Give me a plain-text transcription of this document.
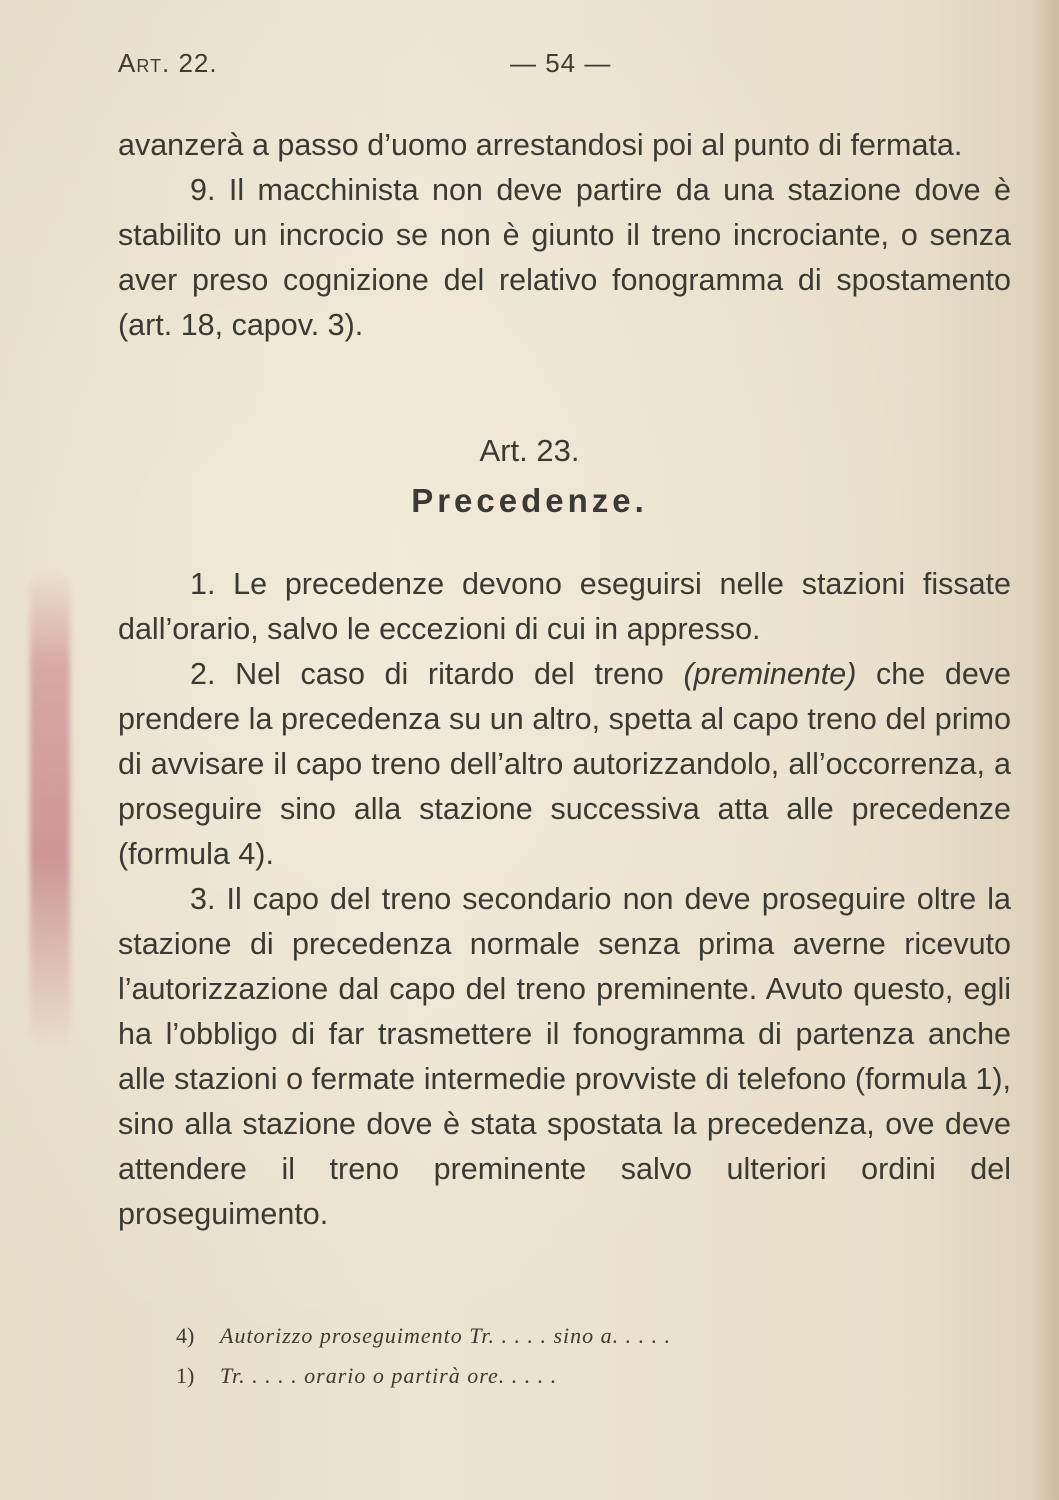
Art. 22.	— 54 —

avanzerà a passo d’uomo arrestandosi poi al punto di fermata.

9. Il macchinista non deve partire da una stazione dove è stabilito un incrocio se non è giunto il treno incrociante, o senza aver preso cognizione del relativo fonogramma di spostamento (art. 18, capov. 3).

Art. 23.
Precedenze.

1. Le precedenze devono eseguirsi nelle stazioni fissate dall’orario, salvo le eccezioni di cui in appresso.

2. Nel caso di ritardo del treno (preminente) che deve prendere la precedenza su un altro, spetta al capo treno del primo di avvisare il capo treno dell’altro autorizzandolo, all’occorrenza, a proseguire sino alla stazione successiva atta alle precedenze (formula 4).

3. Il capo del treno secondario non deve proseguire oltre la stazione di precedenza normale senza prima averne ricevuto l’autorizzazione dal capo del treno preminente. Avuto questo, egli ha l’obbligo di far trasmettere il fonogramma di partenza anche alle stazioni o fermate intermedie provviste di telefono (formula 1), sino alla stazione dove è stata spostata la precedenza, ove deve attendere il treno preminente salvo ulteriori ordini del proseguimento.

4) Autorizzo proseguimento Tr. . . . . sino a. . . . .
1) Tr. . . . . orario o partirà ore. . . . .
